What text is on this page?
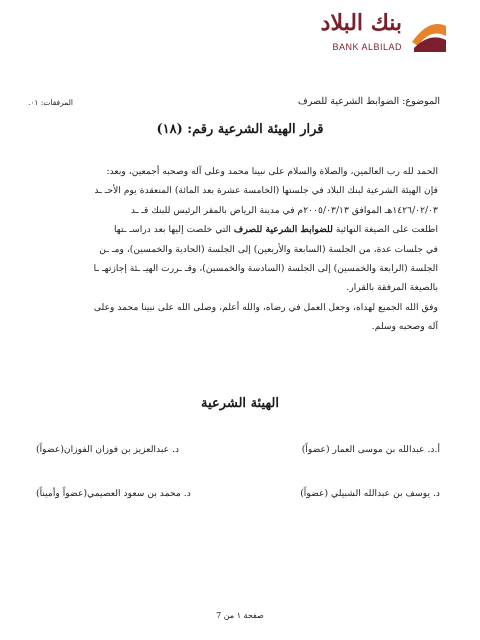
بنك البلاد
BANK ALBILAD
الموضوع: الضوابط الشرعية للصرف
المرفقات: ٠١.
قرار الهيئة الشرعية رقم: (١٨)
الحمد لله رب العالمين، والصلاة والسلام على نبينا محمد وعلى آله وصحبه أجمعين، وبعد:
فإن الهيئة الشرعية لبنك البلاد في جلستها (الخامسة عشرة بعد المائة) المنعقدة يوم الأحـ ـد
١٤٢٦/٠٢/٠٣هـ الموافق ٢٠٠٥/٠٣/١٣م في مدينة الرياض بالمقر الرئيس للبنك قـ ـد
اطلعت على الصيغة النهائية للضوابط الشرعية للصرف التي خلصت إليها بعد دراسـ ـتها
في جلسات عدة، من الجلسة (السابعة والأربعين) إلى الجلسة (الحادية والخمسين)، ومـ ـن
الجلسة (الرابعة والخمسين) إلى الجلسة (السادسة والخمسين)، وقـ ـررت الهيـ ـئة إجازتهـ ـا
بالصيغة المرفقة بالقرار.
وفق الله الجميع لهداه، وجعل العمل في رضاه، والله أعلم، وصلى الله على نبينا محمد وعلى
آله وصحبه وسلم.
الهيئة الشرعية
أ.د. عبدالله بن موسى العمار (عضواً)
د. عبدالعزيز بن فوزان الفوزان(عضواً)
د. يوسف بن عبدالله الشبيلي (عضواً)
د. محمد بن سعود العصيمي(عضواً وأميناً)
صفحة ١ من 7
